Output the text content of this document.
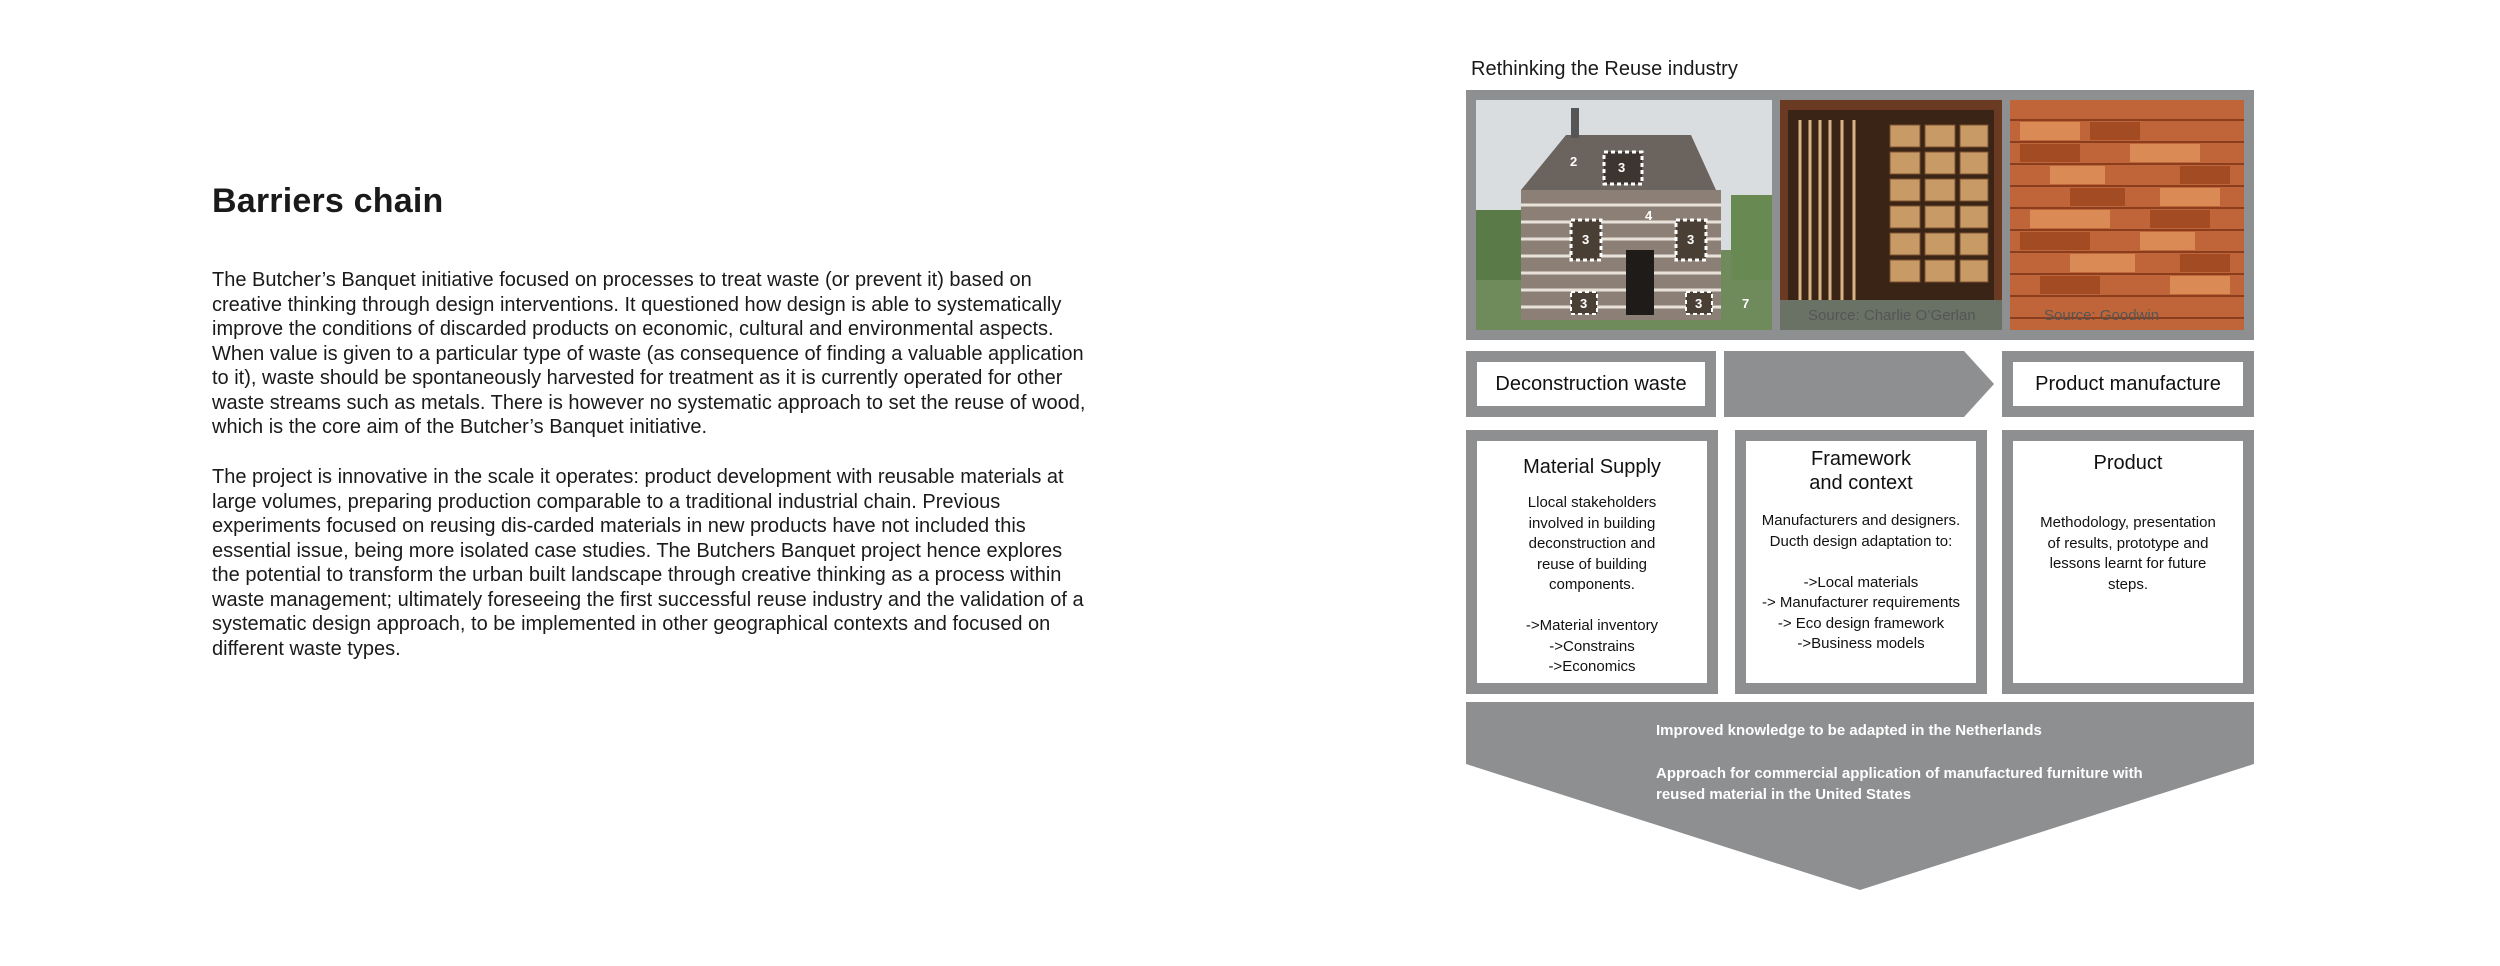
Barriers chain

The Butcher’s Banquet initiative focused on processes to treat waste (or prevent it) based on creative thinking through design interventions. It questioned how design is able to systematically improve the conditions of discarded products on economic, cultural and environmental aspects. When value is given to a particular type of waste (as consequence of finding a valuable application to it), waste should be spontaneously harvested for treatment as it is currently operated for other waste streams such as metals. There is however no systematic approach to set the reuse of wood, which is the core aim of the Butcher’s Banquet initiative.

The project is innovative in the scale it operates: product development with reusable materials at large volumes, preparing production comparable to a traditional industrial chain. Previous experiments focused on reusing dis-carded materials in new products have not included this essential issue, being more isolated case studies. The Butchers Banquet project hence explores the potential to transform the urban built landscape through creative thinking as a process within waste management; ultimately foreseeing the first successful reuse industry and the validation of a systematic design approach, to be implemented in other geographical contexts and focused on different waste types.

Rethinking the Reuse industry
2	3
4
3	3
3	3	7
Source: Charlie O’Gerlan	Source: Goodwin
Deconstruction waste	Product manufacture
Material Supply
Llocal stakeholders
involved in building
deconstruction and
reuse of building
components.

->Material inventory
->Constrains
->Economics
Framework
and context
Manufacturers and designers.
Ducth design adaptation to:

->Local materials
-> Manufacturer requirements
-> Eco design framework
->Business models
Product
Methodology, presentation
of results, prototype and
lessons learnt for future
steps.
Improved knowledge to be adapted in the Netherlands
Approach for commercial application of manufactured furniture with reused material in the United States
